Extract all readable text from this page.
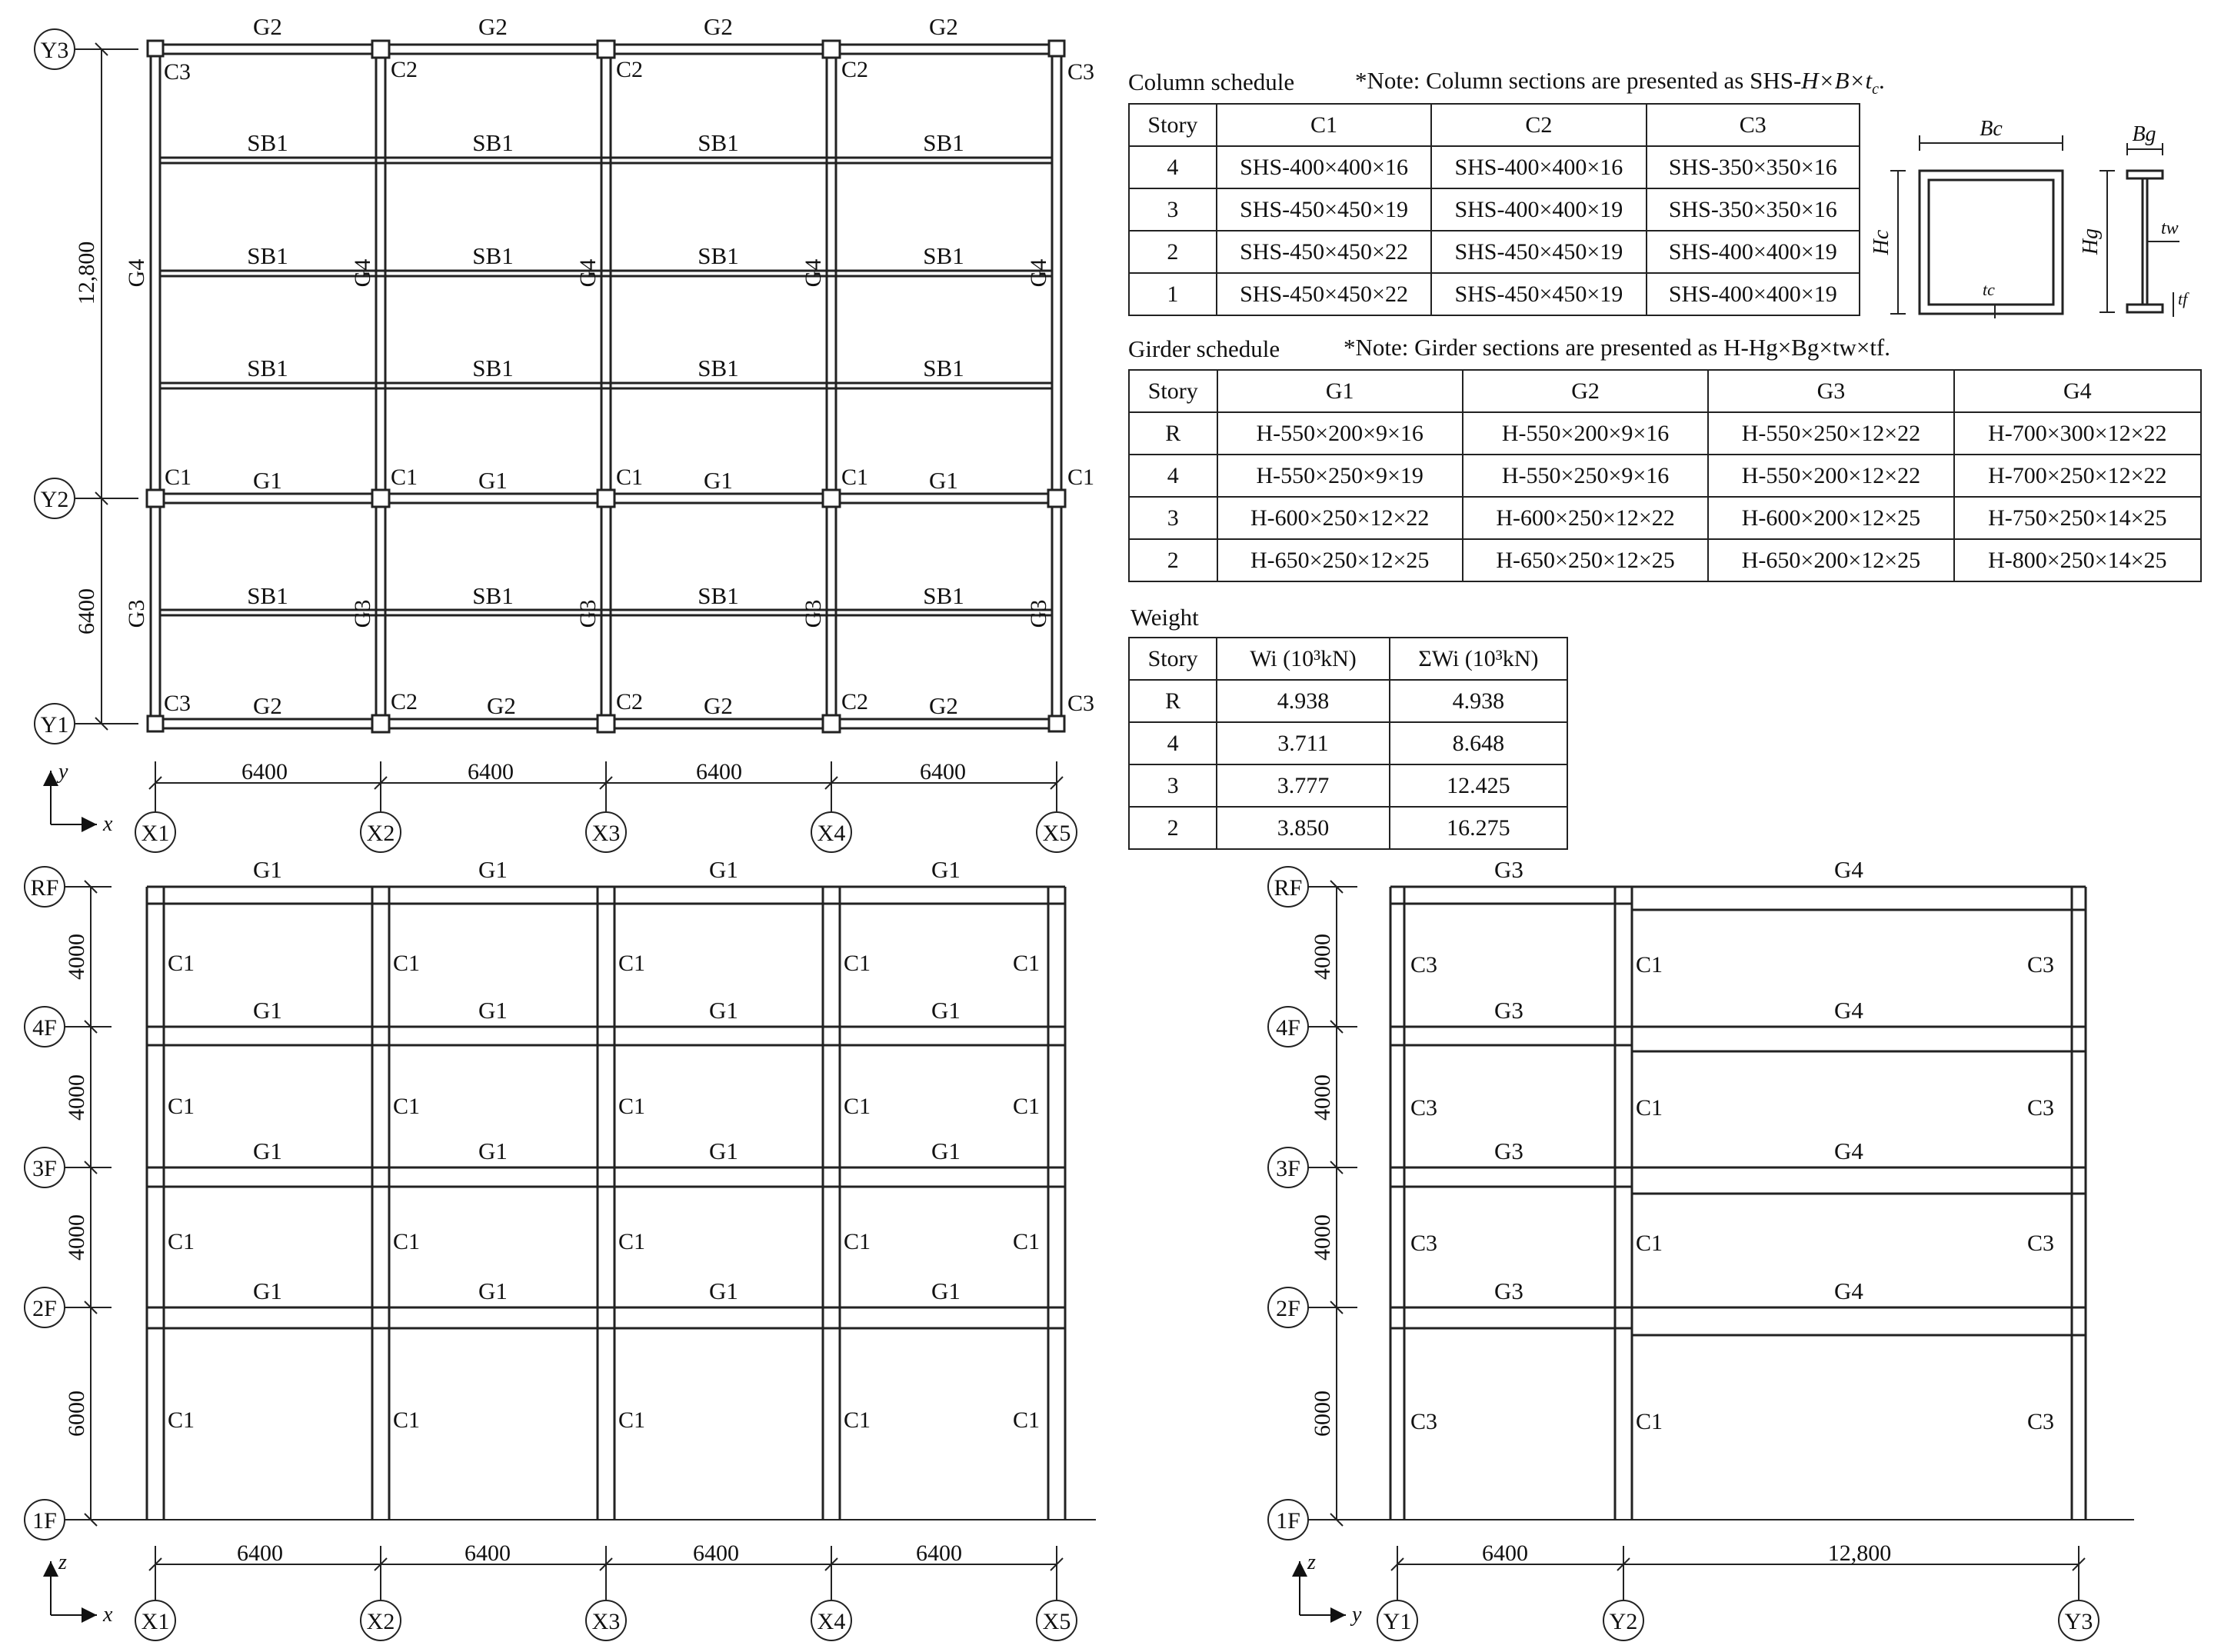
G2	G2	G2	G2
G2	G2	G2	G2
G1	G1	G1	G1
SB1	SB1	SB1	SB1
SB1	SB1	SB1	SB1
SB1	SB1	SB1	SB1
SB1	SB1	SB1	SB1
C3	C2	C2	C2	C3
C1	C1	C1	C1	C1
C3	C2	C2	C2	C3
G4	G4	G4	G4	G4
G3	G3	G3	G3	G3
Y3
Y2
Y1
12,800
6400
X1	X2	X3	X4	X5
6400	6400	6400	6400
y
x
RF
4F
3F
2F
1F
4000
4000
4000
6000
G1	G1	G1	G1
G1	G1	G1	G1
G1	G1	G1	G1
G1	G1	G1	G1
C1	C1	C1	C1	C1
C1	C1	C1	C1	C1
C1	C1	C1	C1	C1
C1	C1	C1	C1	C1
X1	X2	X3	X4	X5
6400	6400	6400	6400
z
x
RF
4F
3F
2F
1F
4000
4000
4000
6000
G3	G4
G3	G4
G3	G4
G3	G4
C3	C1	C3
C3	C1	C3
C3	C1	C3
C3	C1	C3
Y1	Y2	Y3
6400	12,800
z
y
Bc
Hc
tc
Bg
Hg	tw
tf
Column schedule	*Note: Column sections are presented as SHS-$H\times B\times t_c$.
Story	C1	C2	C3
4	SHS-400×400×16	SHS-400×400×16	SHS-350×350×16
3	SHS-450×450×19	SHS-400×400×19	SHS-350×350×16
2	SHS-450×450×22	SHS-450×450×19	SHS-400×400×19
1	SHS-450×450×22	SHS-450×450×19	SHS-400×400×19
Girder schedule	*Note: Girder sections are presented as H-Hg×Bg×tw×tf.
Story	G1	G2	G3	G4
R	H-550×200×9×16	H-550×200×9×16	H-550×250×12×22	H-700×300×12×22
4	H-550×250×9×19	H-550×250×9×16	H-550×200×12×22	H-700×250×12×22
3	H-600×250×12×22	H-600×250×12×22	H-600×200×12×25	H-750×250×14×25
2	H-650×250×12×25	H-650×250×12×25	H-650×200×12×25	H-800×250×14×25
Weight
Story	Wi (10³kN)	ΣWi (10³kN)
R	4.938	4.938
4	3.711	8.648
3	3.777	12.425
2	3.850	16.275
